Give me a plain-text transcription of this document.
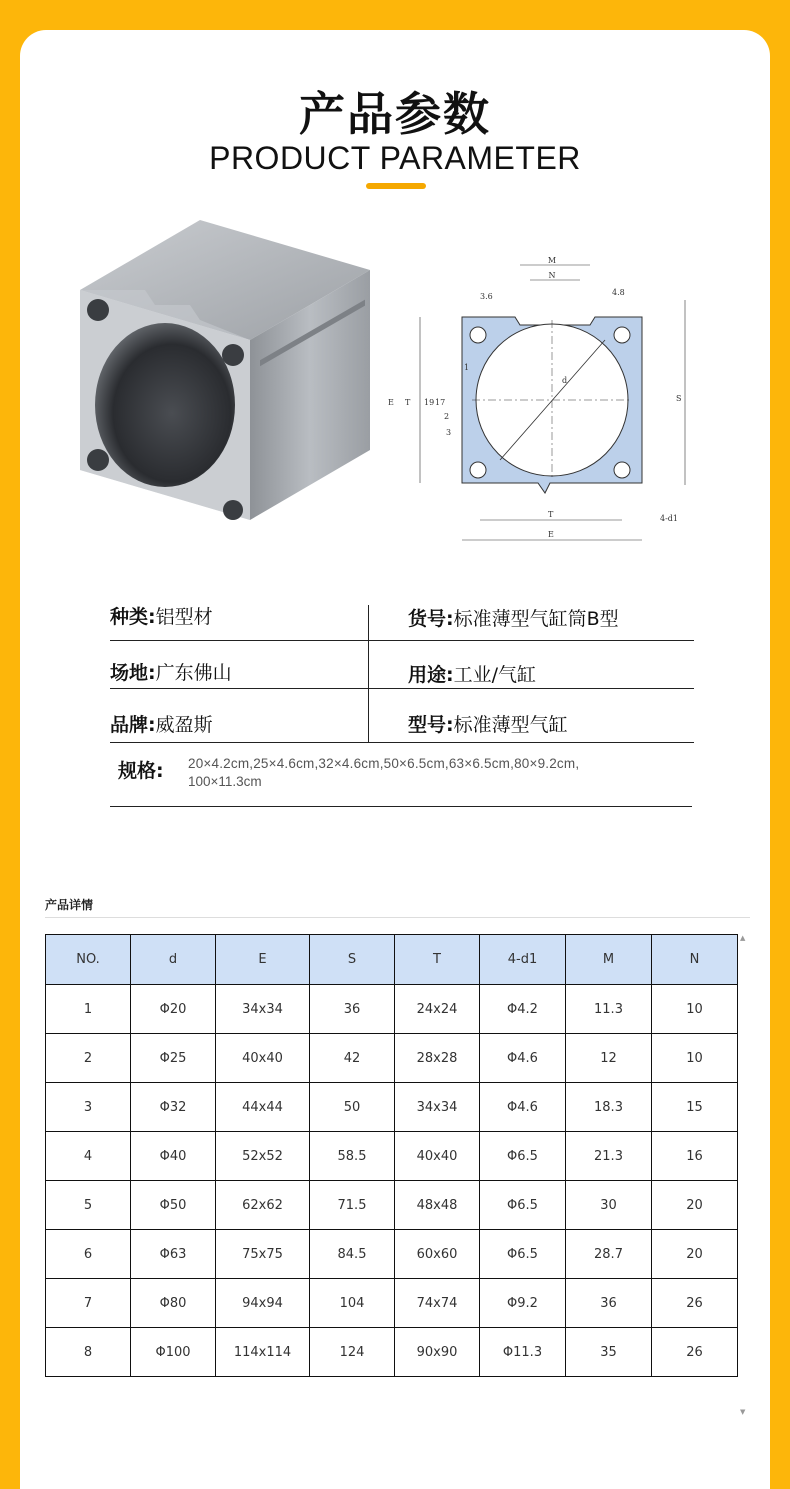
产品参数
PRODUCT PARAMETER
M
N
3.6	4.8
S
E T
d
1
19 17
2
3
4-d1
T
E
种类:铝型材	货号:标准薄型气缸筒B型
场地:广东佛山	用途:工业/气缸
品牌:威盈斯	型号:标准薄型气缸
规格:	20×4.2cm,25×4.6cm,32×4.6cm,50×6.5cm,63×6.5cm,80×9.2cm,
100×11.3cm
产品详情
NO.	d	E	S	T	4-d1	M	N
1	Φ20	34x34	36	24x24	Φ4.2	11.3	10
2	Φ25	40x40	42	28x28	Φ4.6	12	10
3	Φ32	44x44	50	34x34	Φ4.6	18.3	15
4	Φ40	52x52	58.5	40x40	Φ6.5	21.3	16
5	Φ50	62x62	71.5	48x48	Φ6.5	30	20
6	Φ63	75x75	84.5	60x60	Φ6.5	28.7	20
7	Φ80	94x94	104	74x74	Φ9.2	36	26
8	Φ100	114x114	124	90x90	Φ11.3	35	26
▲
▼
